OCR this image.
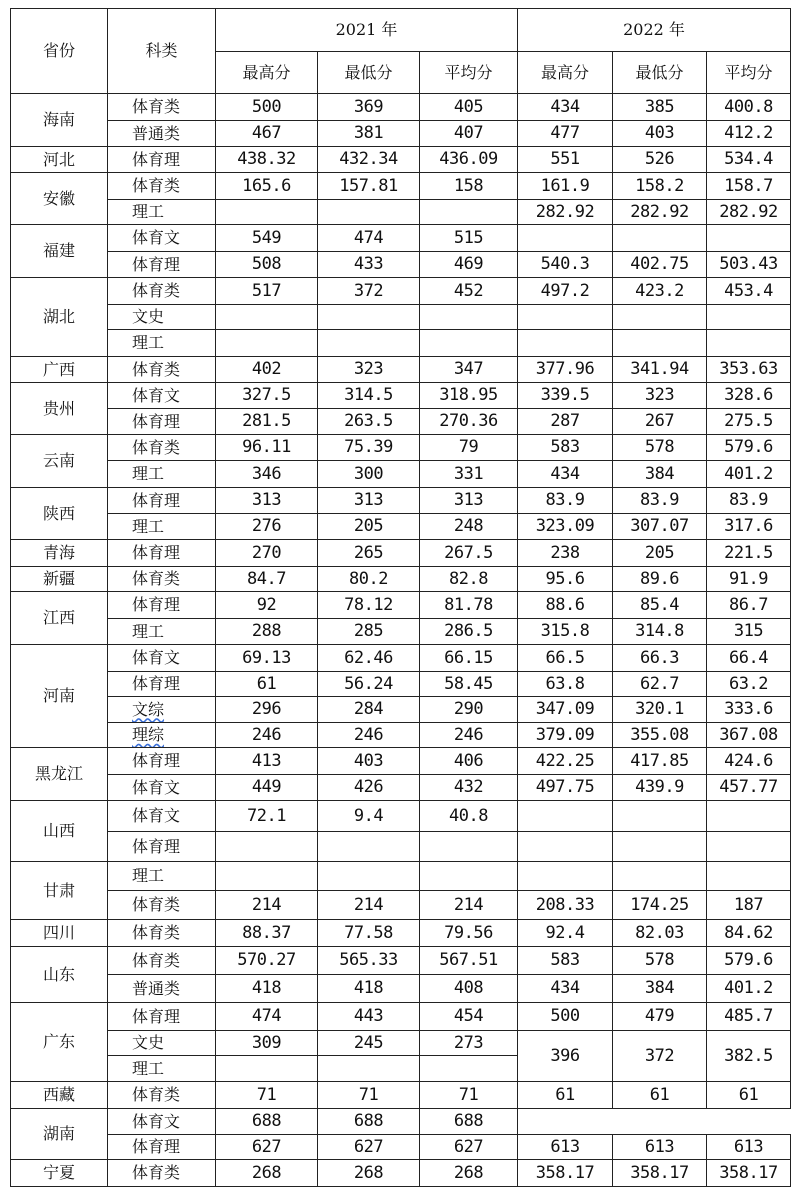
省份	科类	2021 年			2022 年		
		最高分	最低分	平均分	最高分	最低分	平均分
海南	体育类	500	369	405	434	385	400.8
	普通类	467	381	407	477	403	412.2
河北	体育理	438.32	432.34	436.09	551	526	534.4
安徽	体育类	165.6	157.81	158	161.9	158.2	158.7
	理工				282.92	282.92	282.92
福建	体育文	549	474	515			
	体育理	508	433	469	540.3	402.75	503.43
湖北	体育类	517	372	452	497.2	423.2	453.4
	文史						
	理工						
广西	体育类	402	323	347	377.96	341.94	353.63
贵州	体育文	327.5	314.5	318.95	339.5	323	328.6
	体育理	281.5	263.5	270.36	287	267	275.5
云南	体育类	96.11	75.39	79	583	578	579.6
	理工	346	300	331	434	384	401.2
陕西	体育理	313	313	313	83.9	83.9	83.9
	理工	276	205	248	323.09	307.07	317.6
青海	体育理	270	265	267.5	238	205	221.5
新疆	体育类	84.7	80.2	82.8	95.6	89.6	91.9
江西	体育理	92	78.12	81.78	88.6	85.4	86.7
	理工	288	285	286.5	315.8	314.8	315
河南	体育文	69.13	62.46	66.15	66.5	66.3	66.4
	体育理	61	56.24	58.45	63.8	62.7	63.2
	文综	296	284	290	347.09	320.1	333.6
	理综	246	246	246	379.09	355.08	367.08
黑龙江	体育理	413	403	406	422.25	417.85	424.6
	体育文	449	426	432	497.75	439.9	457.77
山西	体育文	72.1	9.4	40.8			
	体育理						
甘肃	理工						
	体育类	214	214	214	208.33	174.25	187
四川	体育类	88.37	77.58	79.56	92.4	82.03	84.62
山东	体育类	570.27	565.33	567.51	583	578	579.6
	普通类	418	418	408	434	384	401.2
广东	体育理	474	443	454	500	479	485.7
	文史	309	245	273	396	372	382.5
	理工						
西藏	体育类	71	71	71	61	61	61
湖南	体育文	688	688	688			
	体育理	627	627	627	613	613	613
宁夏	体育类	268	268	268	358.17	358.17	358.17
